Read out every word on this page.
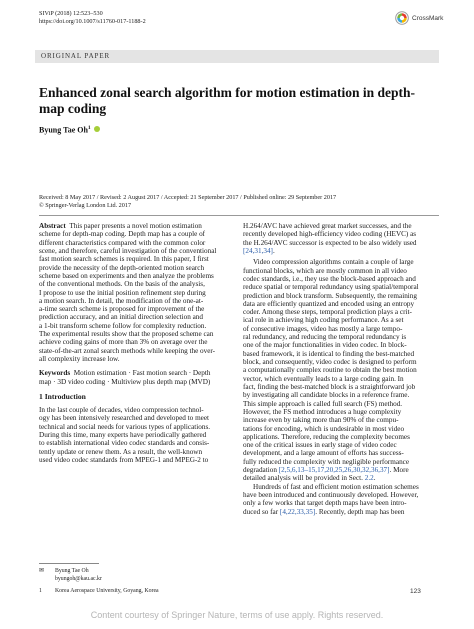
SIViP (2018) 12:523–530
https://doi.org/10.1007/s11760-017-1188-2	CrossMark
ORIGINAL PAPER
Enhanced zonal search algorithm for motion estimation in depth-map coding
Byung Tae Oh$^1$
Received: 8 May 2017 / Revised: 2 August 2017 / Accepted: 21 September 2017 / Published online: 29 September 2017
© Springer-Verlag London Ltd. 2017
Abstract This paper presents a novel motion estimation
scheme for depth-map coding. Depth map has a couple of
different characteristics compared with the common color
scene, and therefore, careful investigation of the conventional
fast motion search schemes is required. In this paper, I first
provide the necessity of the depth-oriented motion search
scheme based on experiments and then analyze the problems
of the conventional methods. On the basis of the analysis,
I propose to use the initial position refinement step during
a motion search. In detail, the modification of the one-at-
a-time search scheme is proposed for improvement of the
prediction accuracy, and an initial direction selection and
a 1-bit transform scheme follow for complexity reduction.
The experimental results show that the proposed scheme can
achieve coding gains of more than 3% on average over the
state-of-the-art zonal search methods while keeping the over-
all complexity increase low.
Keywords Motion estimation · Fast motion search · Depth
map · 3D video coding · Multiview plus depth map (MVD)
1 Introduction
In the last couple of decades, video compression technol-
ogy has been intensively researched and developed to meet
technical and social needs for various types of applications.
During this time, many experts have periodically gathered
to establish international video codec standards and consis-
tently update or renew them. As a result, the well-known
used video codec standards from MPEG-1 and MPEG-2 to
✉	Byung Tae Oh
byungoh@kau.ac.kr
1	Korea Aerospace University, Goyang, Korea
H.264/AVC have achieved great market successes, and the
recently developed high-efficiency video coding (HEVC) as
the H.264/AVC successor is expected to be also widely used
[24,31,34].
Video compression algorithms contain a couple of large
functional blocks, which are mostly common in all video
codec standards, i.e., they use the block-based approach and
reduce spatial or temporal redundancy using spatial/temporal
prediction and block transform. Subsequently, the remaining
data are efficiently quantized and encoded using an entropy
coder. Among these steps, temporal prediction plays a crit-
ical role in achieving high coding performance. As a set
of consecutive images, video has mostly a large tempo-
ral redundancy, and reducing the temporal redundancy is
one of the major functionalities in video codec. In block-
based framework, it is identical to finding the best-matched
block, and consequently, video codec is designed to perform
a computationally complex routine to obtain the best motion
vector, which eventually leads to a large coding gain. In
fact, finding the best-matched block is a straightforward job
by investigating all candidate blocks in a reference frame.
This simple approach is called full search (FS) method.
However, the FS method introduces a huge complexity
increase even by taking more than 90% of the compu-
tations for encoding, which is undesirable in most video
applications. Therefore, reducing the complexity becomes
one of the critical issues in early stage of video codec
development, and a large amount of efforts has success-
fully reduced the complexity with negligible performance
degradation [2,5,6,13–15,17,20,25,26,30,32,36,37]. More
detailed analysis will be provided in Sect. 2.2.
Hundreds of fast and efficient motion estimation schemes
have been introduced and continuously developed. However,
only a few works that target depth maps have been intro-
duced so far [4,22,33,35]. Recently, depth map has been
123
Content courtesy of Springer Nature, terms of use apply. Rights reserved.
